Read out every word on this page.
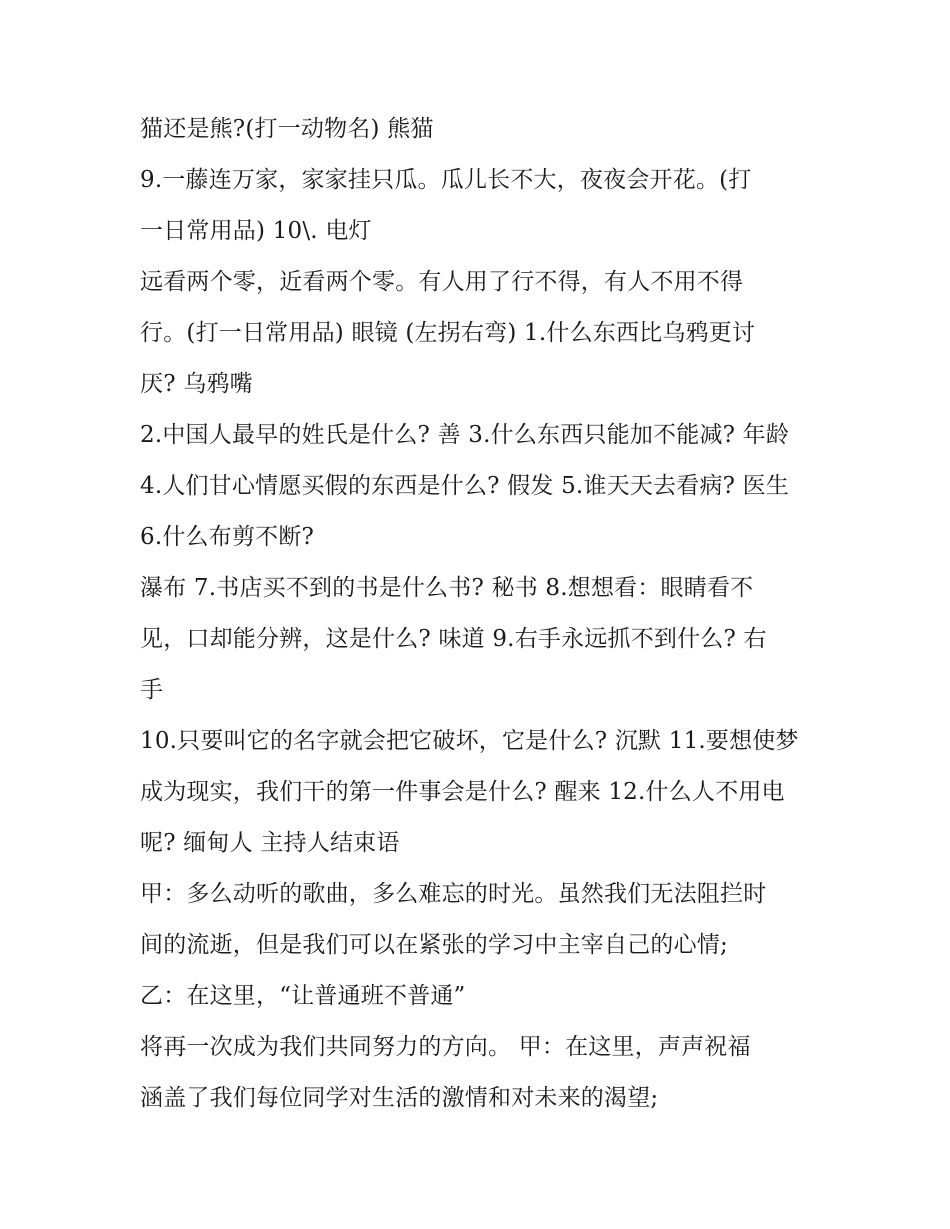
猫还是熊?(打一动物名) 熊猫
9.一藤连万家，家家挂只瓜。瓜儿长不大，夜夜会开花。(打
一日常用品) 10\. 电灯
远看两个零，近看两个零。有人用了行不得，有人不用不得
行。(打一日常用品) 眼镜 (左拐右弯) 1.什么东西比乌鸦更讨
厌? 乌鸦嘴
2.中国人最早的姓氏是什么? 善 3.什么东西只能加不能减? 年龄
4.人们甘心情愿买假的东西是什么? 假发 5.谁天天去看病? 医生
6.什么布剪不断?
瀑布 7.书店买不到的书是什么书? 秘书 8.想想看：眼睛看不
见，口却能分辨，这是什么? 味道 9.右手永远抓不到什么? 右
手
10.只要叫它的名字就会把它破坏，它是什么? 沉默 11.要想使梦
成为现实，我们干的第一件事会是什么? 醒来 12.什么人不用电
呢? 缅甸人 主持人结束语
甲：多么动听的歌曲，多么难忘的时光。虽然我们无法阻拦时
间的流逝，但是我们可以在紧张的学习中主宰自己的心情;
乙：在这里，“让普通班不普通”
将再一次成为我们共同努力的方向。 甲：在这里，声声祝福
涵盖了我们每位同学对生活的激情和对未来的渴望;
